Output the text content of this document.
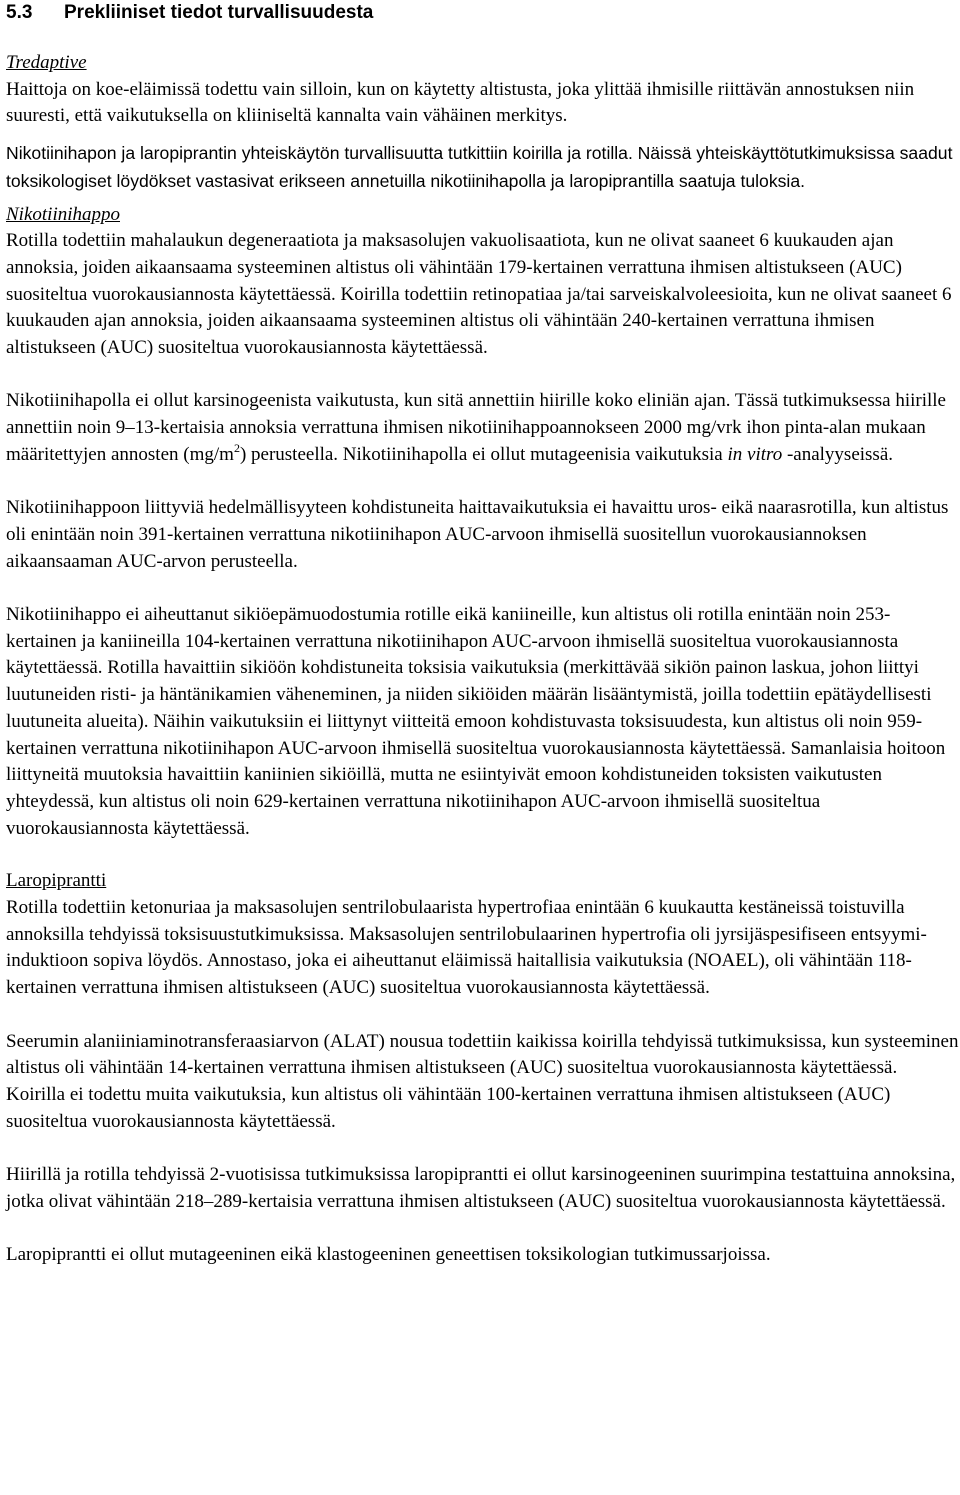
5.3	Prekliiniset tiedot turvallisuudesta

Tredaptive

Haittoja on koe-eläimissä todettu vain silloin, kun on käytetty altistusta, joka ylittää ihmisille riittävän annostuksen niin suuresti, että vaikutuksella on kliiniseltä kannalta vain vähäinen merkitys.

Nikotiinihapon ja laropiprantin yhteiskäytön turvallisuutta tutkittiin koirilla ja rotilla. Näissä yhteiskäyttötutkimuksissa saadut toksikologiset löydökset vastasivat erikseen annetuilla nikotiinihapolla ja laropiprantilla saatuja tuloksia.

Nikotiinihappo

Rotilla todettiin mahalaukun degeneraatiota ja maksasolujen vakuolisaatiota, kun ne olivat saaneet 6 kuukauden ajan annoksia, joiden aikaansaama systeeminen altistus oli vähintään 179-kertainen verrattuna ihmisen altistukseen (AUC) suositeltua vuorokausiannosta käytettäessä. Koirilla todettiin retinopatiaa ja/tai sarveiskalvoleesioita, kun ne olivat saaneet 6 kuukauden ajan annoksia, joiden aikaansaama systeeminen altistus oli vähintään 240-kertainen verrattuna ihmisen altistukseen (AUC) suositeltua vuorokausiannosta käytettäessä.

Nikotiinihapolla ei ollut karsinogeenista vaikutusta, kun sitä annettiin hiirille koko eliniän ajan. Tässä tutkimuksessa hiirille annettiin noin 9–13-kertaisia annoksia verrattuna ihmisen nikotiinihappoannokseen 2000 mg/vrk ihon pinta-alan mukaan määritettyjen annosten $(mg/m^2)$ perusteella. Nikotiinihapolla ei ollut mutageenisia vaikutuksia in vitro -analyyseissä.

Nikotiinihappoon liittyviä hedelmällisyyteen kohdistuneita haittavaikutuksia ei havaittu uros- eikä naarasrotilla, kun altistus oli enintään noin 391-kertainen verrattuna nikotiinihapon AUC-arvoon ihmisellä suositellun vuorokausiannoksen aikaansaaman AUC-arvon perusteella.

Nikotiinihappo ei aiheuttanut sikiöepämuodostumia rotille eikä kaniineille, kun altistus oli rotilla enintään noin 253-kertainen ja kaniineilla 104-kertainen verrattuna nikotiinihapon AUC-arvoon ihmisellä suositeltua vuorokausiannosta käytettäessä. Rotilla havaittiin sikiöön kohdistuneita toksisia vaikutuksia (merkittävää sikiön painon laskua, johon liittyi luutuneiden risti- ja häntänikamien väheneminen, ja niiden sikiöiden määrän lisääntymistä, joilla todettiin epätäydellisesti luutuneita alueita). Näihin vaikutuksiin ei liittynyt viitteitä emoon kohdistuvasta toksisuudesta, kun altistus oli noin 959-kertainen verrattuna nikotiinihapon AUC-arvoon ihmisellä suositeltua vuorokausiannosta käytettäessä. Samanlaisia hoitoon liittyneitä muutoksia havaittiin kaniinien sikiöillä, mutta ne esiintyivät emoon kohdistuneiden toksisten vaikutusten yhteydessä, kun altistus oli noin 629-kertainen verrattuna nikotiinihapon AUC-arvoon ihmisellä suositeltua vuorokausiannosta käytettäessä.

Laropiprantti

Rotilla todettiin ketonuriaa ja maksasolujen sentrilobulaarista hypertrofiaa enintään 6 kuukautta kestäneissä toistuvilla annoksilla tehdyissä toksisuustutkimuksissa. Maksasolujen sentrilobulaarinen hypertrofia oli jyrsijäspesifiseen entsyymi-induktioon sopiva löydös. Annostaso, joka ei aiheuttanut eläimissä haitallisia vaikutuksia (NOAEL), oli vähintään 118-kertainen verrattuna ihmisen altistukseen (AUC) suositeltua vuorokausiannosta käytettäessä.

Seerumin alaniiniaminotransferaasiarvon (ALAT) nousua todettiin kaikissa koirilla tehdyissä tutkimuksissa, kun systeeminen altistus oli vähintään 14-kertainen verrattuna ihmisen altistukseen (AUC) suositeltua vuorokausiannosta käytettäessä. Koirilla ei todettu muita vaikutuksia, kun altistus oli vähintään 100-kertainen verrattuna ihmisen altistukseen (AUC) suositeltua vuorokausiannosta käytettäessä.

Hiirillä ja rotilla tehdyissä 2-vuotisissa tutkimuksissa laropiprantti ei ollut karsinogeeninen suurimpina testattuina annoksina, jotka olivat vähintään 218–289-kertaisia verrattuna ihmisen altistukseen (AUC) suositeltua vuorokausiannosta käytettäessä.

Laropiprantti ei ollut mutageeninen eikä klastogeeninen geneettisen toksikologian tutkimussarjoissa.
